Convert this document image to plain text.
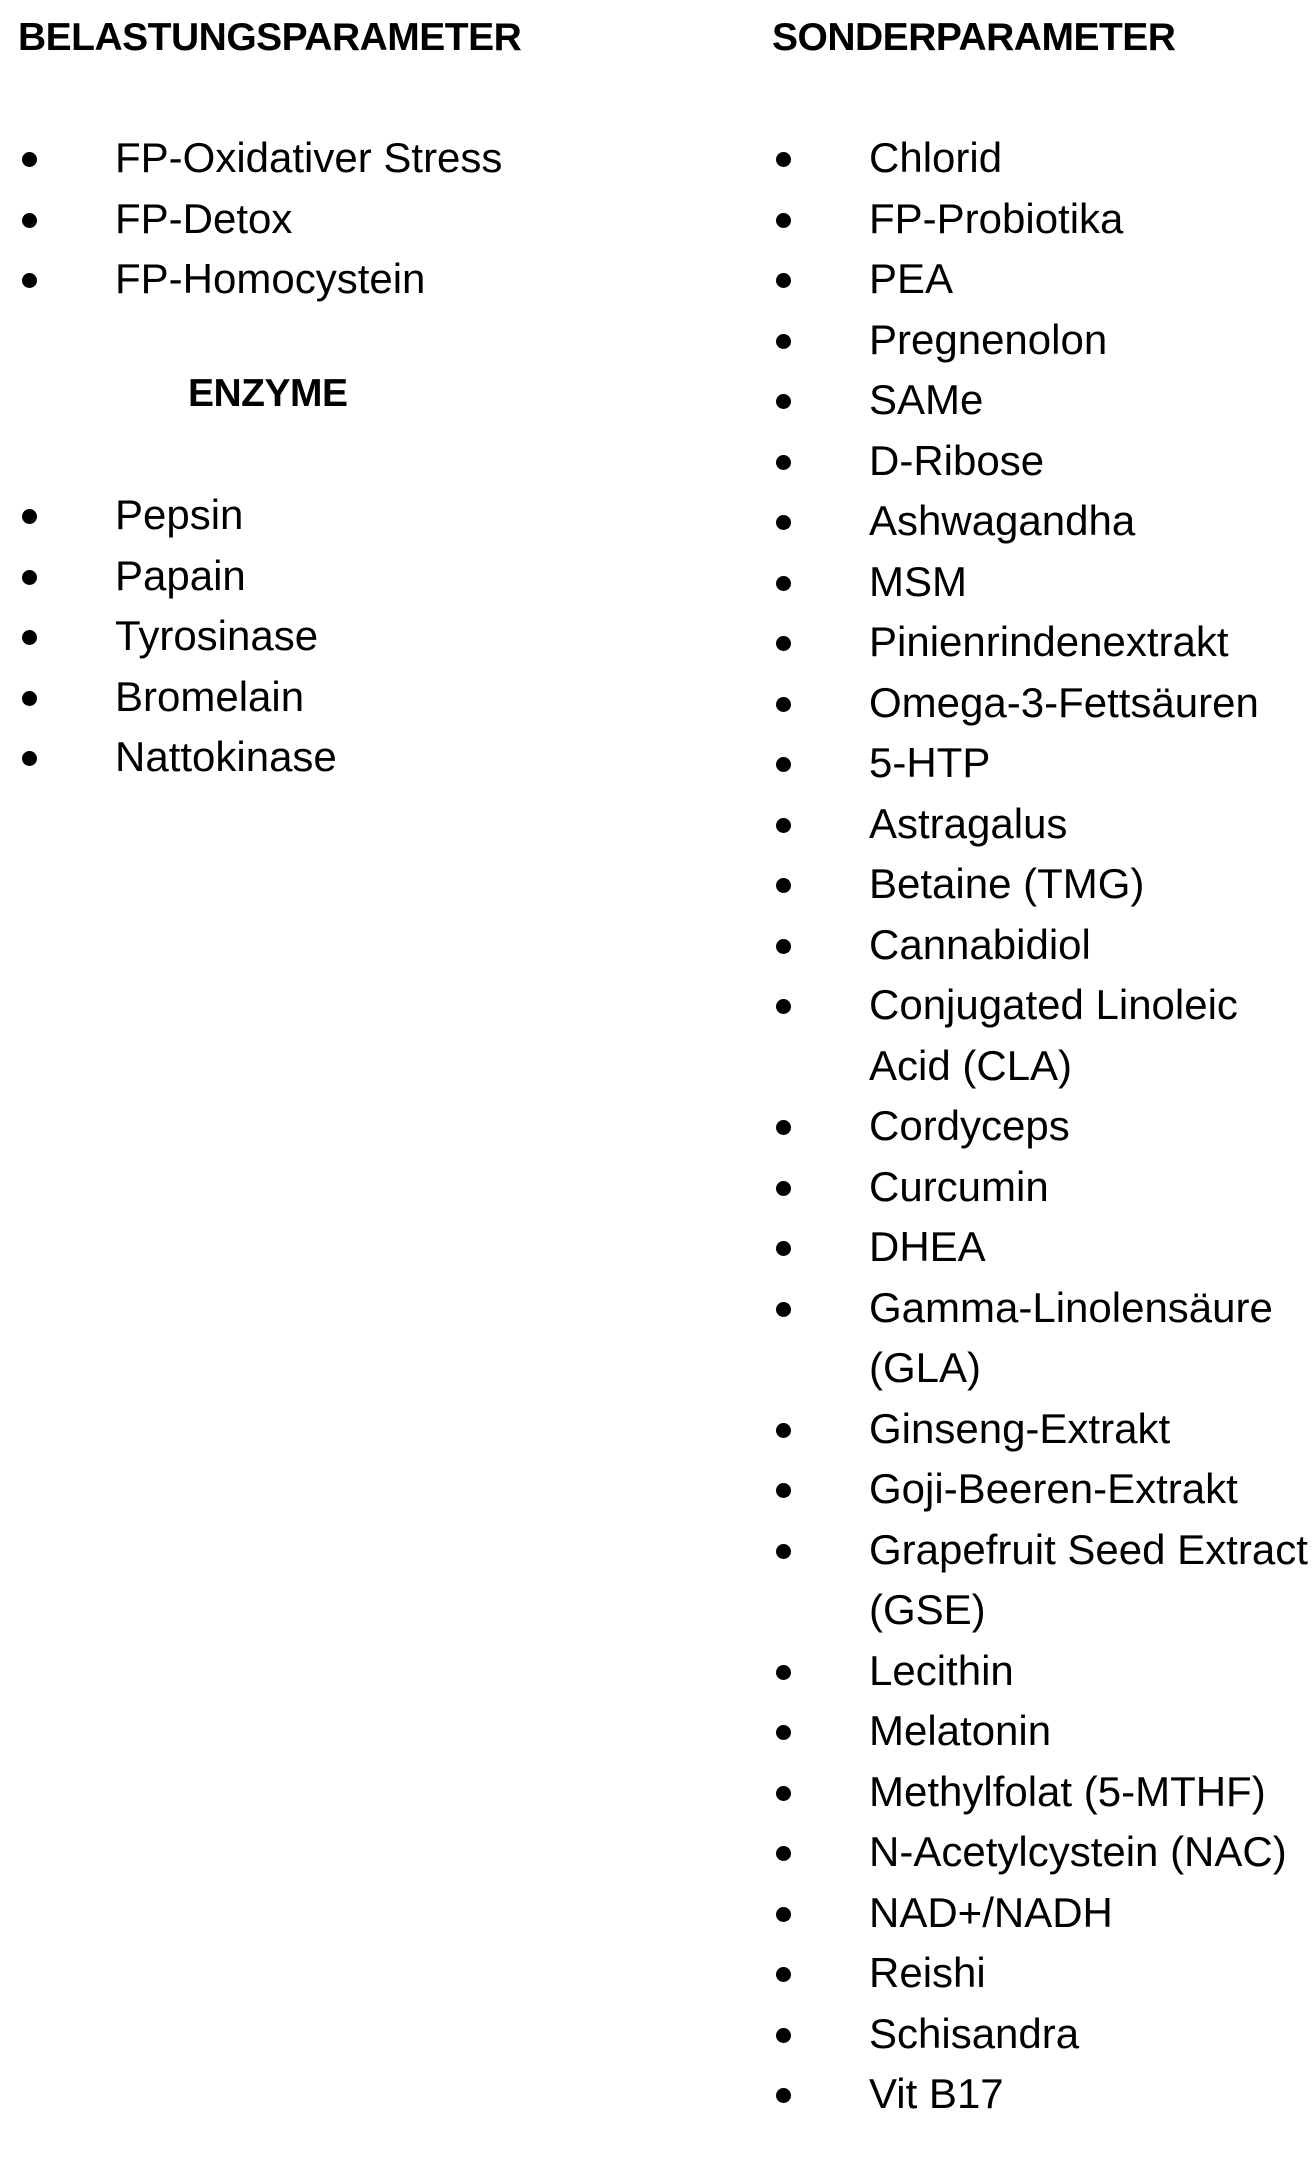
BELASTUNGSPARAMETER
FP-Oxidativer Stress
FP-Detox
FP-Homocystein
ENZYME
Pepsin
Papain
Tyrosinase
Bromelain
Nattokinase
SONDERPARAMETER
Chlorid
FP-Probiotika
PEA
Pregnenolon
SAMe
D-Ribose
Ashwagandha
MSM
Pinienrindenextrakt
Omega-3-Fettsäuren
5-HTP
Astragalus
Betaine (TMG)
Cannabidiol
Conjugated Linoleic Acid (CLA)
Cordyceps
Curcumin
DHEA
Gamma-Linolensäure (GLA)
Ginseng-Extrakt
Goji-Beeren-Extrakt
Grapefruit Seed Extract (GSE)
Lecithin
Melatonin
Methylfolat (5-MTHF)
N-Acetylcystein (NAC)
NAD+/NADH
Reishi
Schisandra
Vit B17
